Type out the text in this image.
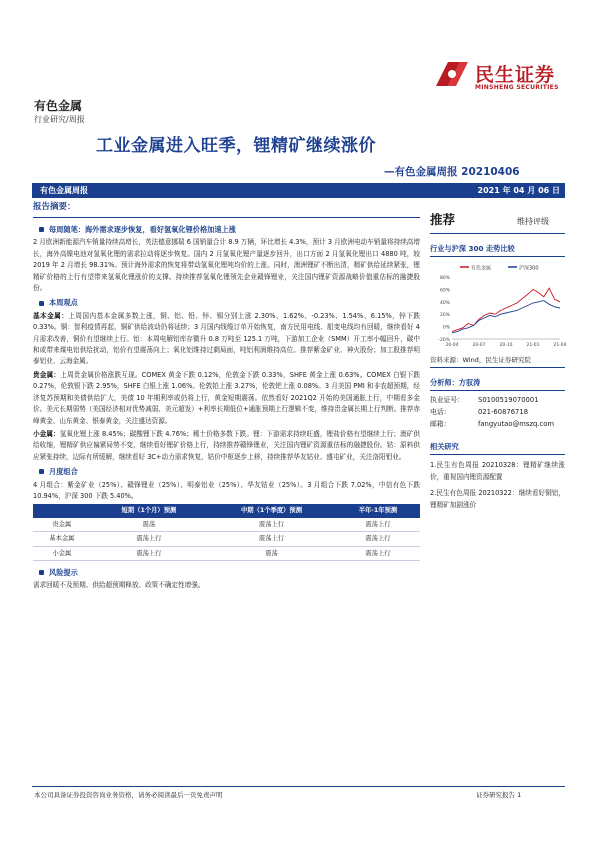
民生证券
MINSHENG SECURITIES
有色金属
行业研究/周报
工业金属进入旺季，锂精矿继续涨价
—有色金属周报 20210406
有色金属周报	2021 年 04 月 06 日
报告摘要：
每周随笔：海外需求逐步恢复，看好氢氧化锂价格加速上涨
2 月欧洲新能源汽车销量持续高增长，英法德意挪瑞 6 国销量合计 8.9 万辆，环比增长 4.3%，预计 3 月欧洲电动车销量将持续高增长，海外高镍电池对氢氧化锂的需求拉动将逐步恢复。国内 2 月氢氧化锂产量逐步回升，出口方面 2 月氢氧化锂出口 4880 吨，较 2019 年 2 月增长 98.31%。预计海外需求的恢复将带动氢氧化锂吨均价的上涨。同时，澳洲锂矿不断出清，精矿供给延续紧张，锂精矿价格的上行有望带来氢氧化锂涨价的支撑。持续推荐氢氧化锂领先企业赣锋锂业，关注国内锂矿资源战略价值重估标的融捷股份。
本周观点
基本金属：上周国内基本金属多数上涨，铜、铝、铅、锌、锡分别上涨 2.30%、1.62%、-0.23%、1.54%、6.15%，锌下跌 0.33%。铜：智利疫情再起，铜矿供给波动仍将延续；3 月国内线缆订单开始恢复，南方民用电线、船变电线均有回暖，继续看好 4 月需求改善，铜价有望继续上行。铝：本周电解铝库存微升 0.8 万吨至 125.1 万吨，下游加工企业（SMM）开工率小幅回升，碳中和或带来煤电铝供给扰动，铝价有望震荡向上；氧化铝维持过剩局面，吨铝利润维持高位。推荐紫金矿业、神火股份；加工股推荐明泰铝业、云海金属。
贵金属：上周贵金属价格涨跌互现。COMEX 黄金下跌 0.12%，伦敦金下跌 0.33%，SHFE 黄金上涨 0.63%。COMEX 白银下跌 0.27%，伦敦银下跌 2.95%，SHFE 白银上涨 1.06%。伦敦铂上涨 3.27%，伦敦钯上涨 0.08%。3 月美国 PMI 和非农超预期，经济复苏预期和美债供给扩大，美债 10 年期利率或仍将上行，黄金短期震荡。依然看好 2021Q2 开始的美国通胀上行，中期看多金价。美元长期弱势（美国经济相对优势减弱、美元超发）+利率长期低位+通胀预期上行逻辑不变，维持贵金属长期上行判断。推荐赤峰黄金、山东黄金、银泰黄金，关注盛达资源。
小金属：氢氧化锂上涨 8.45%；碳酸锂下跌 4.76%；稀土价格多数下跌。锂：下游需求持续旺盛，锂盐价格有望继续上行；澳矿供给收缩，锂精矿供应偏紧局势不变，继续看好锂矿价格上行，持续推荐赣锋锂业，关注国内锂矿资源重估标的融捷股份。钴：原料供应紧张持续，边际有所缓解，继续看好 3C+动力需求恢复，钴价中枢逐步上移，持续推荐华友钴业、盛屯矿业，关注洛阳钼业。
月度组合
4 月组合：紫金矿业（25%）、赣锋锂业（25%）、明泰铝业（25%）、华友钴业（25%）。3 月组合下跌 7.02%，中信有色下跌 10.94%，沪深 300 下跌 5.40%。
	短期（1个月）预测	中期（1个季度）预测	半年-1年预测
贵金属	震荡	震荡上行	震荡上行
基本金属	震荡上行	震荡上行	震荡上行
小金属	震荡上行	震荡	震荡上行
风险提示
需求回暖不及预期、供给超预期释放、政策不确定性增强。
推荐	维持评级
行业与沪深 300 走势比较
有色金属	沪深300
80%
60%
40%
20%
0%
-20%
20-04	20-07	20-10	21-01	21-04
资料来源：Wind，民生证券研究院
分析师：方驭涛
执业证号：	S0100519070001
电话：	021-60876718
邮箱：	fangyutao@mszq.com
相关研究
1.民生有色周报 20210328：锂精矿继续涨价，重视国内锂资源配置
2.民生有色周报 20210322：继续看好铜铝，锂精矿加剧涨价
本公司具备证券投资咨询业务资格，请务必阅读最后一页免责声明	证券研究报告 1
